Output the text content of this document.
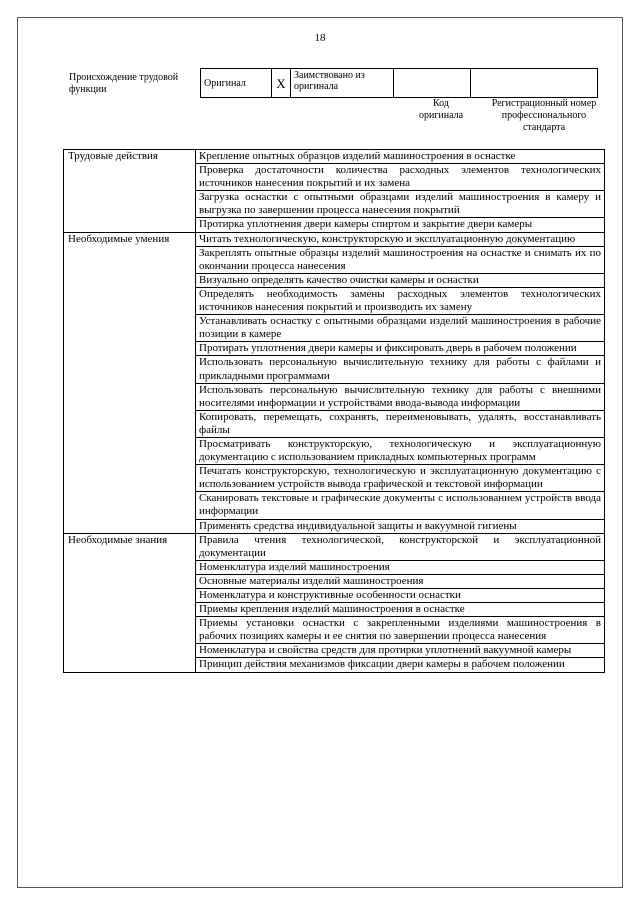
18
Происхождение трудовой функции
Оригинал	X	Заимствовано из оригинала		
Код оригинала
Регистрационный номер профессионального стандарта
Трудовые действия	Крепление опытных образцов изделий машиностроения в оснастке
	Проверка достаточности количества расходных элементов технологических источников нанесения покрытий и их замена
	Загрузка оснастки с опытными образцами изделий машиностроения в камеру и выгрузка по завершении процесса нанесения покрытий
	Протирка уплотнения двери камеры спиртом и закрытие двери камеры
Необходимые умения	Читать технологическую, конструкторскую и эксплуатационную документацию
	Закреплять опытные образцы изделий машиностроения на оснастке и снимать их по окончании процесса нанесения
	Визуально определять качество очистки камеры и оснастки
	Определять необходимость замены расходных элементов технологических источников нанесения покрытий и производить их замену
	Устанавливать оснастку с опытными образцами изделий машиностроения в рабочие позиции в камере
	Протирать уплотнения двери камеры и фиксировать дверь в рабочем положении
	Использовать персональную вычислительную технику для работы с файлами и прикладными программами
	Использовать персональную вычислительную технику для работы с внешними носителями информации и устройствами ввода-вывода информации
	Копировать, перемещать, сохранять, переименовывать, удалять, восстанавливать файлы
	Просматривать конструкторскую, технологическую и эксплуатационную документацию с использованием прикладных компьютерных программ
	Печатать конструкторскую, технологическую и эксплуатационную документацию с использованием устройств вывода графической и текстовой информации
	Сканировать текстовые и графические документы с использованием устройств ввода информации
	Применять средства индивидуальной защиты и вакуумной гигиены
Необходимые знания	Правила чтения технологической, конструкторской и эксплуатационной документации
	Номенклатура изделий машиностроения
	Основные материалы изделий машиностроения
	Номенклатура и конструктивные особенности оснастки
	Приемы крепления изделий машиностроения в оснастке
	Приемы установки оснастки с закрепленными изделиями машиностроения в рабочих позициях камеры и ее снятия по завершении процесса нанесения
	Номенклатура и свойства средств для протирки уплотнений вакуумной камеры
	Принцип действия механизмов фиксации двери камеры в рабочем положении
